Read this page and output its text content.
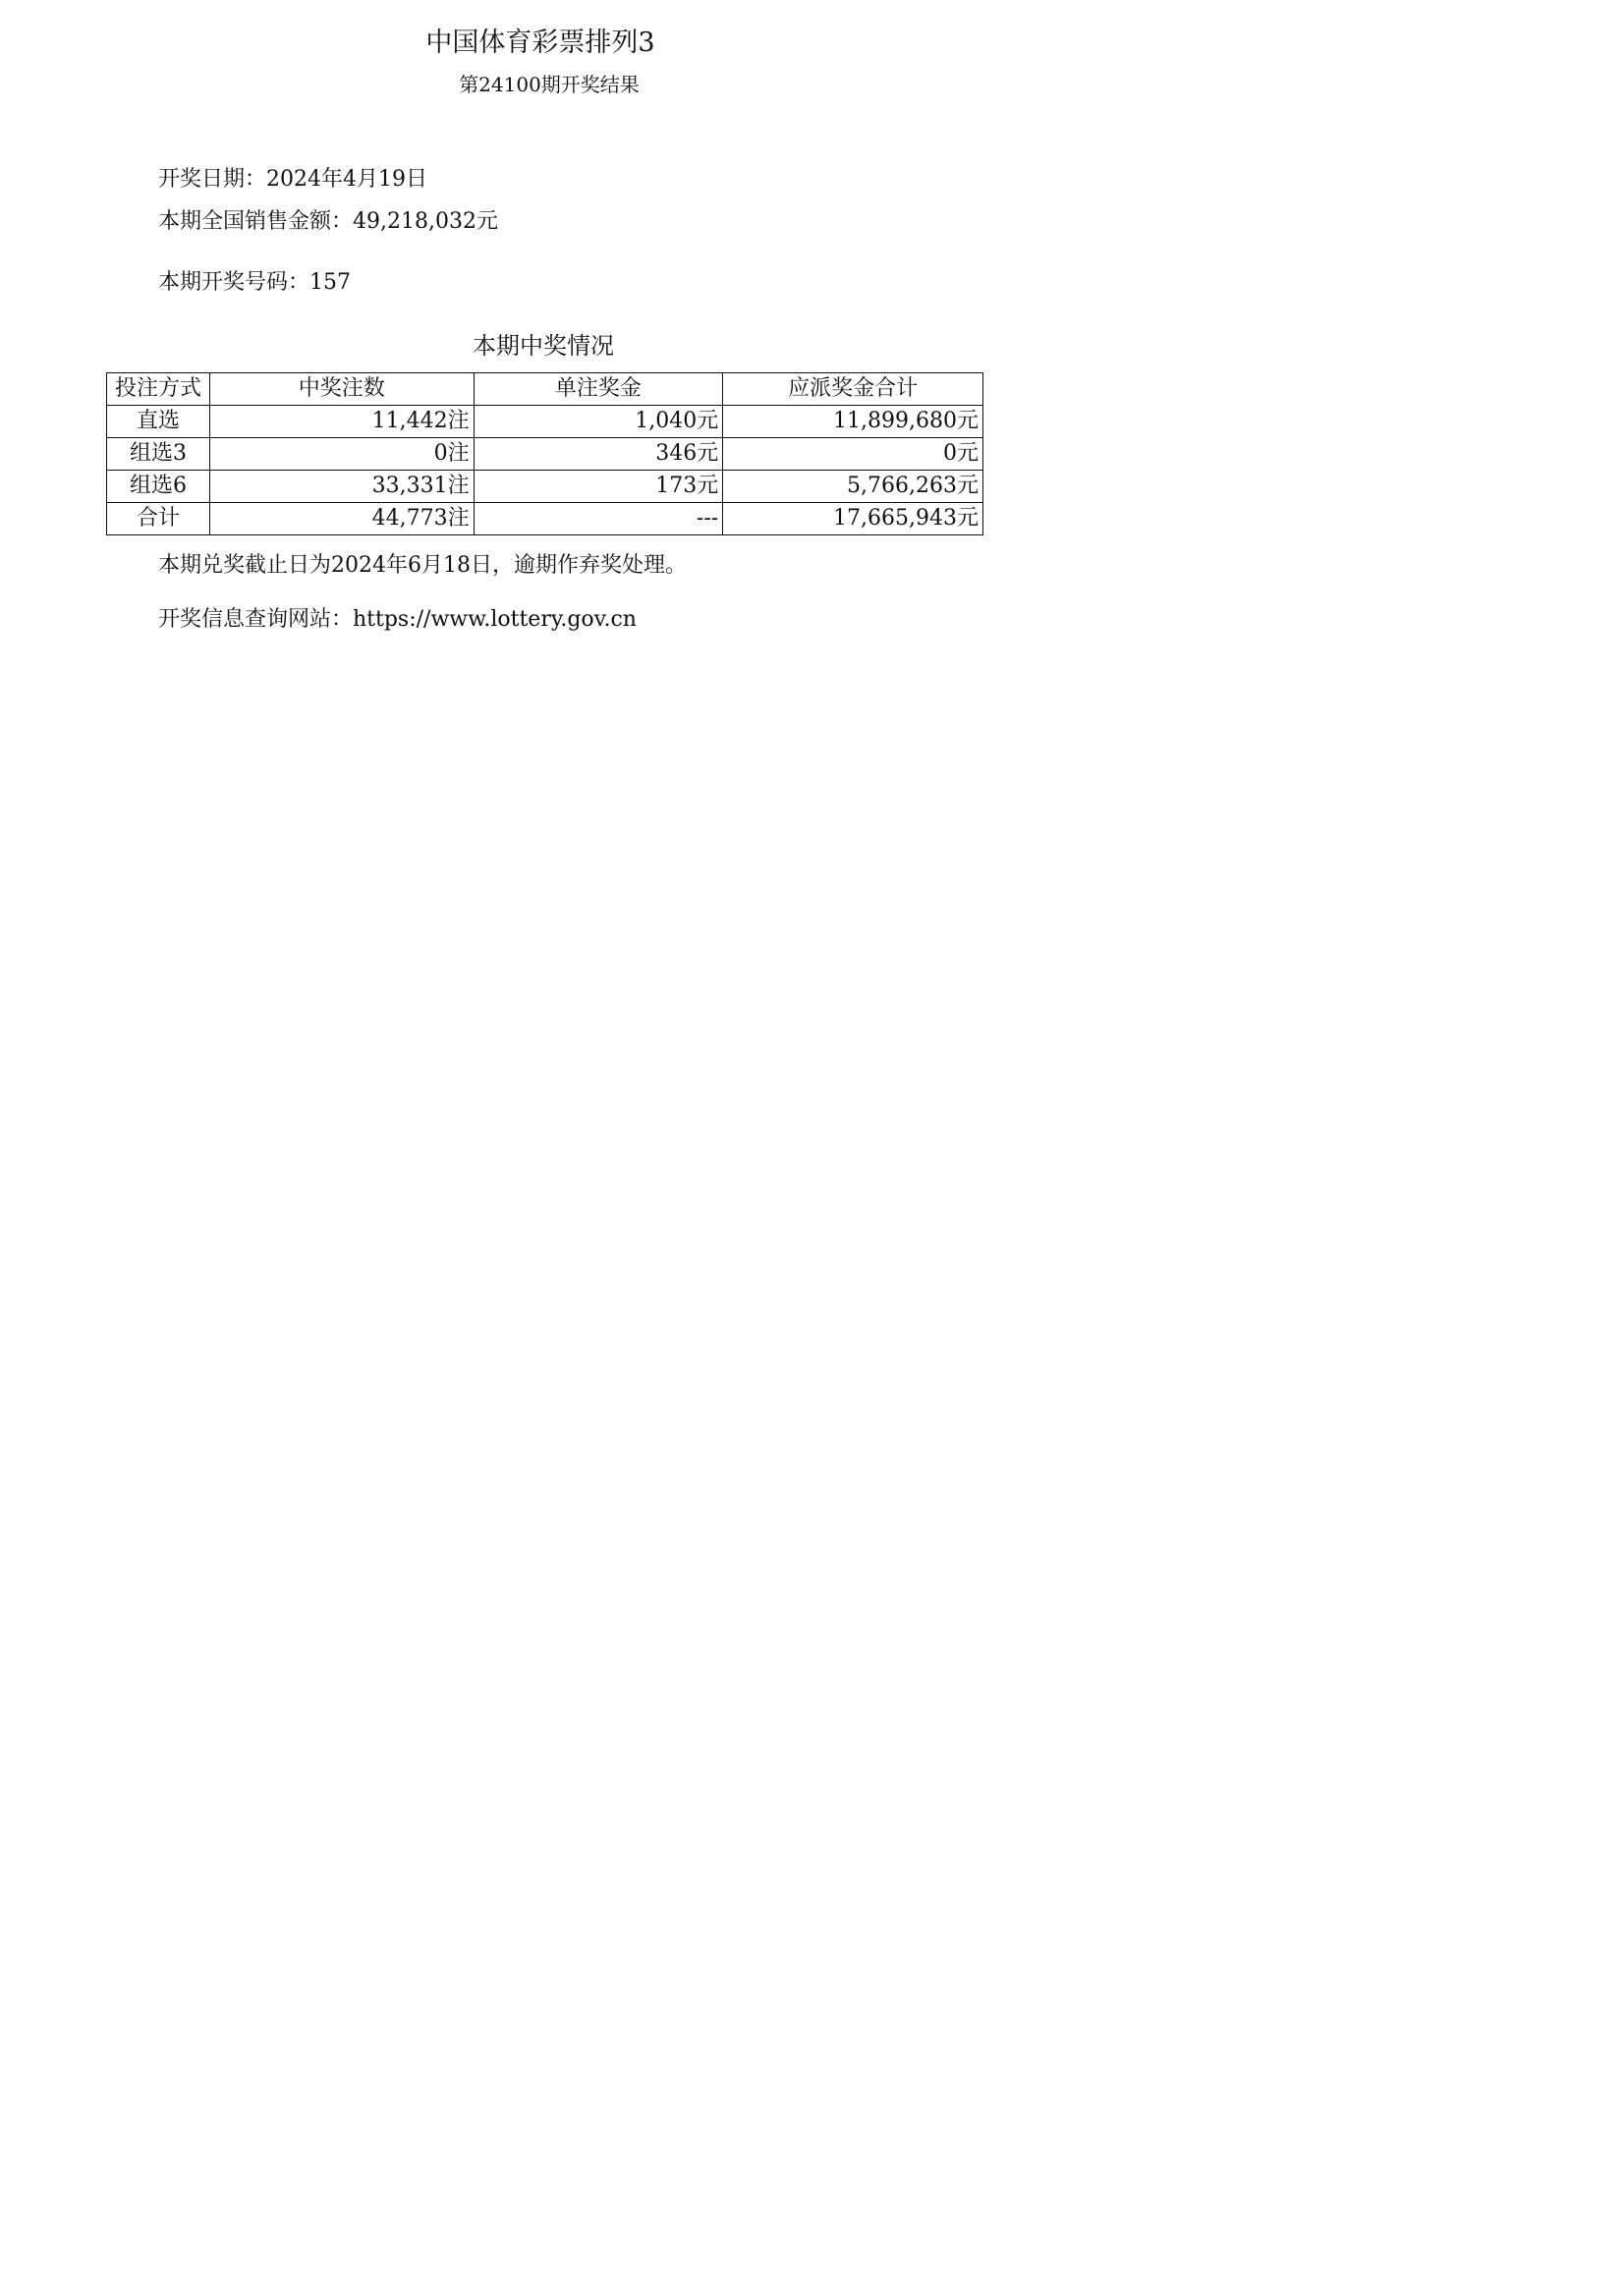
中国体育彩票排列3
第24100期开奖结果
开奖日期：2024年4月19日
本期全国销售金额：49,218,032元
本期开奖号码：157
本期中奖情况
投注方式	中奖注数	单注奖金	应派奖金合计
直选	11,442注	1,040元	11,899,680元
组选3	0注	346元	0元
组选6	33,331注	173元	5,766,263元
合计	44,773注	---	17,665,943元
本期兑奖截止日为2024年6月18日，逾期作弃奖处理。
开奖信息查询网站：https://www.lottery.gov.cn
